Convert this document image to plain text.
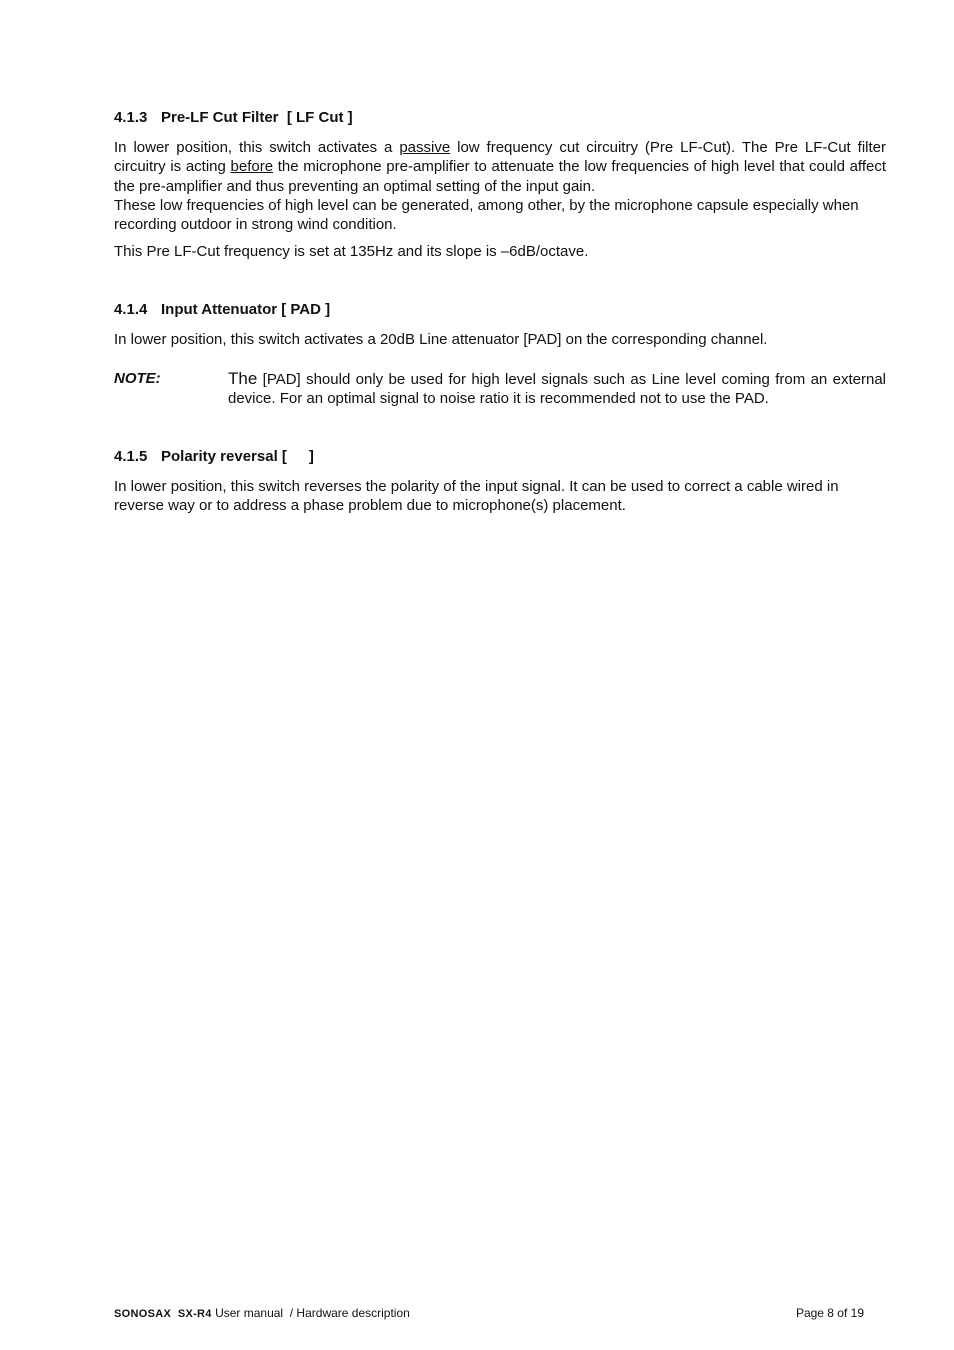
4.1.3 Pre-LF Cut Filter  [ LF Cut ]

In lower position, this switch activates a passive low frequency cut circuitry (Pre LF-Cut). The Pre LF-Cut filter circuitry is acting before the microphone pre-amplifier to attenuate the low frequencies of high level that could affect the pre-amplifier and thus preventing an optimal setting of the input gain.

These low frequencies of high level can be generated, among other, by the microphone capsule especially when recording outdoor in strong wind condition.

This Pre LF-Cut frequency is set at 135Hz and its slope is –6dB/octave.

4.1.4 Input Attenuator [ PAD ]

In lower position, this switch activates a 20dB Line attenuator [PAD] on the corresponding channel.

NOTE:	The [PAD] should only be used for high level signals such as Line level coming from an external device. For an optimal signal to noise ratio it is recommended not to use the PAD.
4.1.5 Polarity reversal [ ]

In lower position, this switch reverses the polarity of the input signal. It can be used to correct a cable wired in reverse way or to address a phase problem due to microphone(s) placement.

SONOSAX  SX-R4 User manual  / Hardware description	Page 8 of 19
